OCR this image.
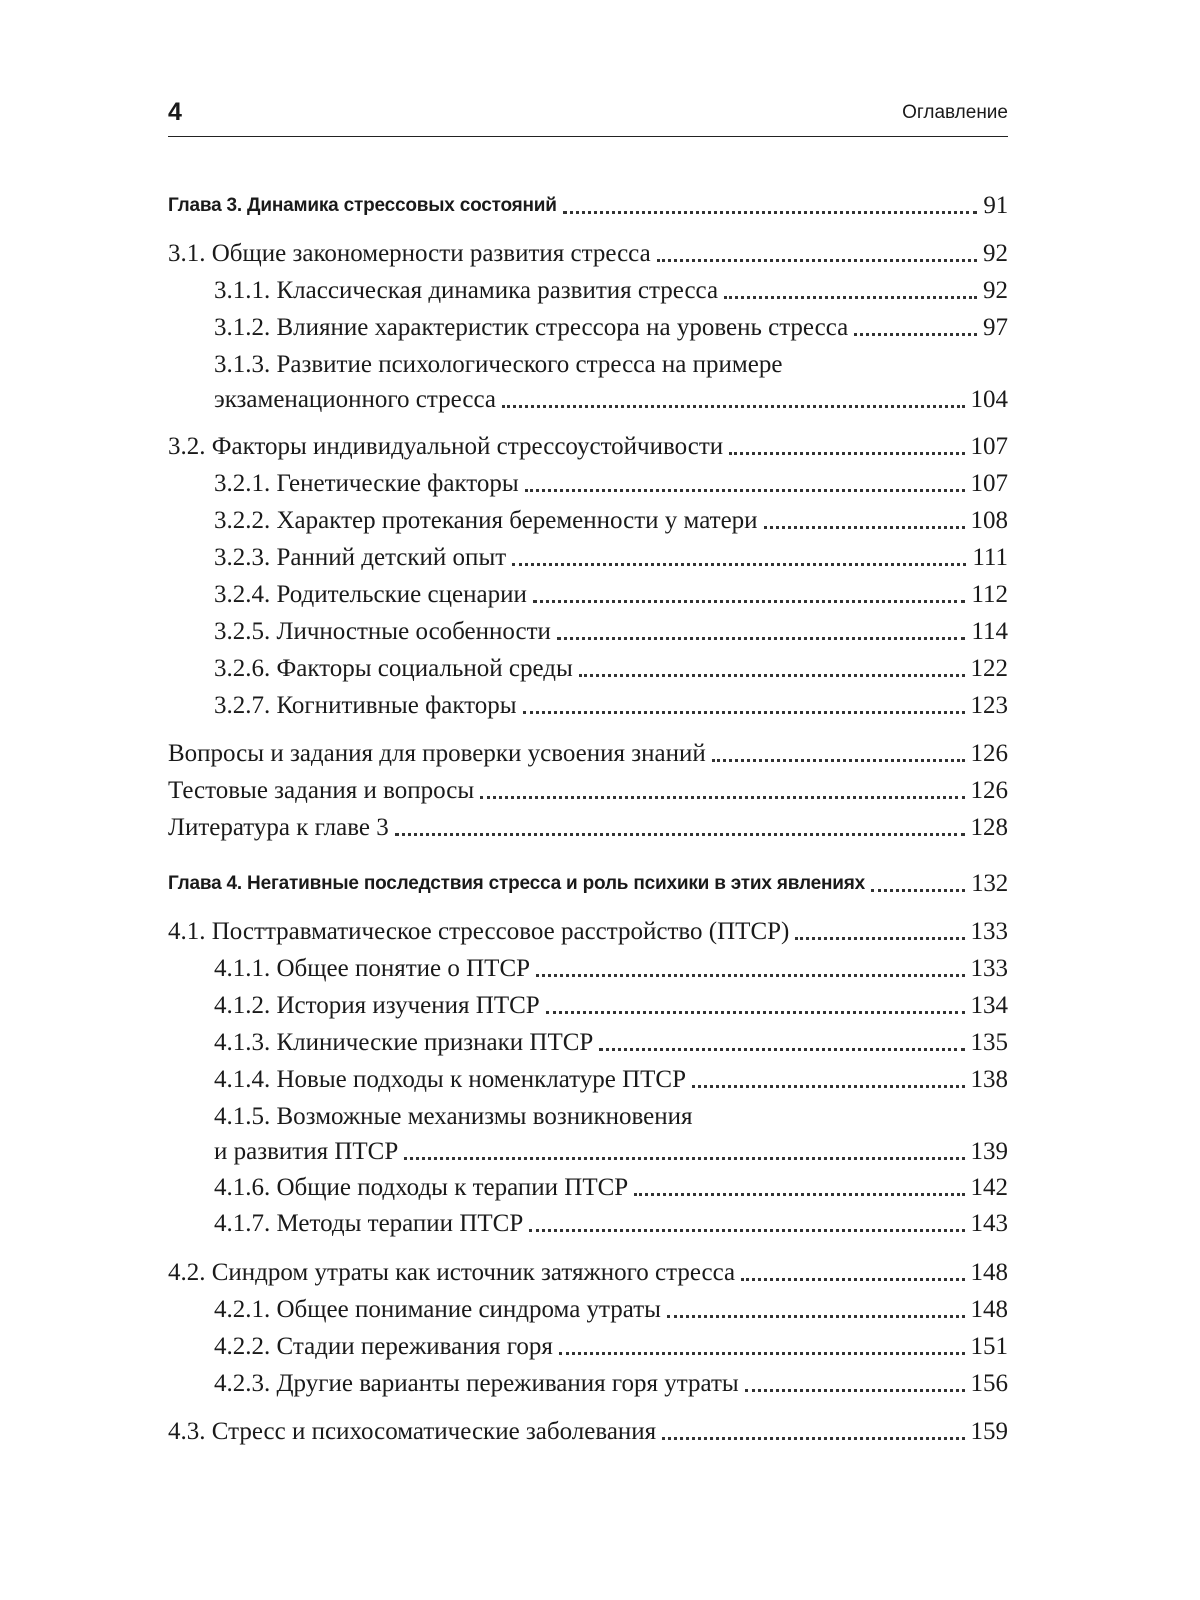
4	Оглавление
Глава 3. Динамика стрессовых состояний	91
3.1. Общие закономерности развития стресса	92
3.1.1. Классическая динамика развития стресса	92
3.1.2. Влияние характеристик стрессора на уровень стресса	97
3.1.3. Развитие психологического стресса на примере
экзаменационного стресса	104
3.2. Факторы индивидуальной стрессоустойчивости	107
3.2.1. Генетические факторы	107
3.2.2. Характер протекания беременности у матери	108
3.2.3. Ранний детский опыт	111
3.2.4. Родительские сценарии	112
3.2.5. Личностные особенности	114
3.2.6. Факторы социальной среды	122
3.2.7. Когнитивные факторы	123
Вопросы и задания для проверки усвоения знаний	126
Тестовые задания и вопросы	126
Литература к главе 3	128
Глава 4. Негативные последствия стресса и роль психики в этих явлениях	132
4.1. Посттравматическое стрессовое расстройство (ПТСР)	133
4.1.1. Общее понятие о ПТСР	133
4.1.2. История изучения ПТСР	134
4.1.3. Клинические признаки ПТСР	135
4.1.4. Новые подходы к номенклатуре ПТСР	138
4.1.5. Возможные механизмы возникновения
и развития ПТСР	139
4.1.6. Общие подходы к терапии ПТСР	142
4.1.7. Методы терапии ПТСР	143
4.2. Синдром утраты как источник затяжного стресса	148
4.2.1. Общее понимание синдрома утраты	148
4.2.2. Стадии переживания горя	151
4.2.3. Другие варианты переживания горя утраты	156
4.3. Стресс и психосоматические заболевания	159
